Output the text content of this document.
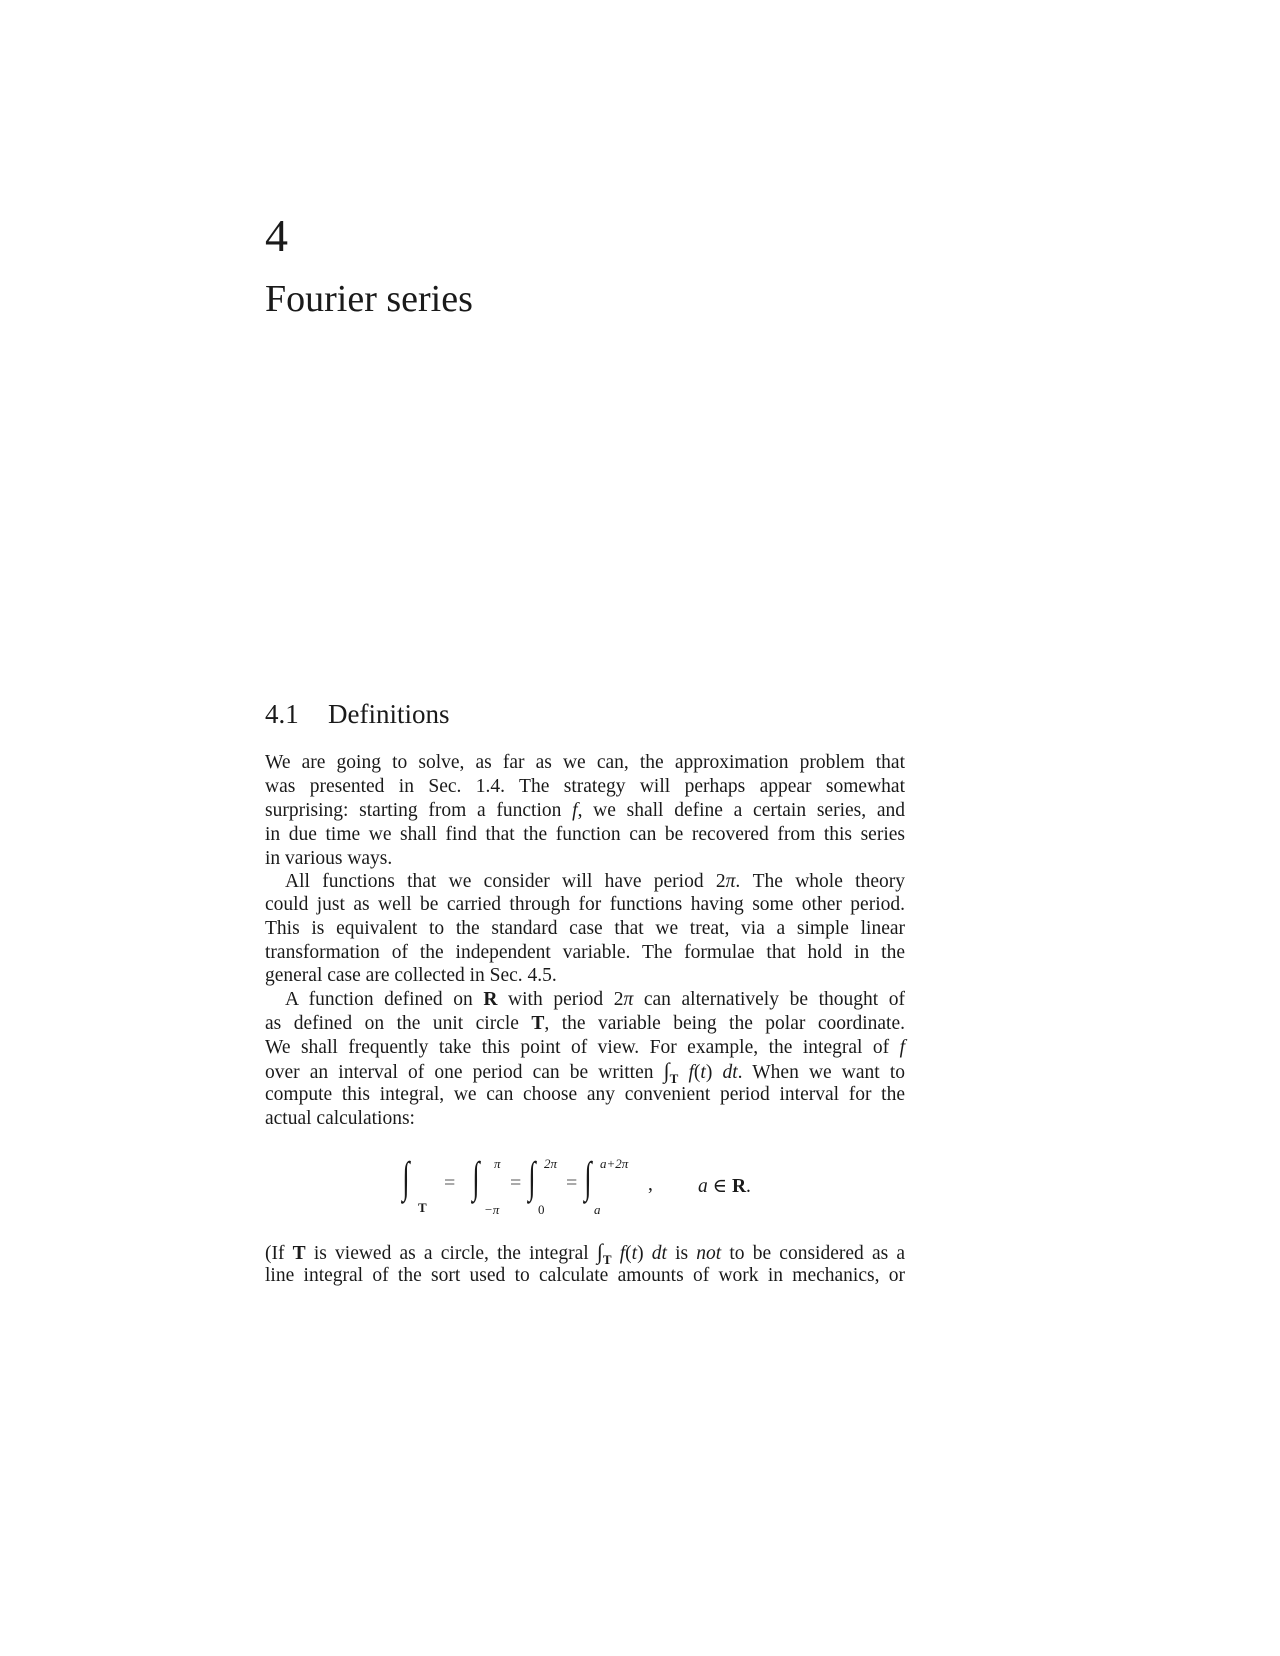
4
Fourier series
4.1 Definitions
We are going to solve, as far as we can, the approximation problem that
was presented in Sec. 1.4. The strategy will perhaps appear somewhat
surprising: starting from a function f, we shall define a certain series, and
in due time we shall find that the function can be recovered from this series
in various ways.
All functions that we consider will have period 2π. The whole theory
could just as well be carried through for functions having some other period.
This is equivalent to the standard case that we treat, via a simple linear
transformation of the independent variable. The formulae that hold in the
general case are collected in Sec. 4.5.
A function defined on R with period 2π can alternatively be thought of
as defined on the unit circle T, the variable being the polar coordinate.
We shall frequently take this point of view. For example, the integral of f
over an interval of one period can be written $\int_T$ f(t) dt. When we want to
compute this integral, we can choose any convenient period interval for the
actual calculations:
(If T is viewed as a circle, the integral $\int_T$ f(t) dt is not to be considered as a
line integral of the sort used to calculate amounts of work in mechanics, or
∫
T
= ∫ π
−π
= ∫ 2π
0
= ∫ a+2π
a
, a ∈ R.
